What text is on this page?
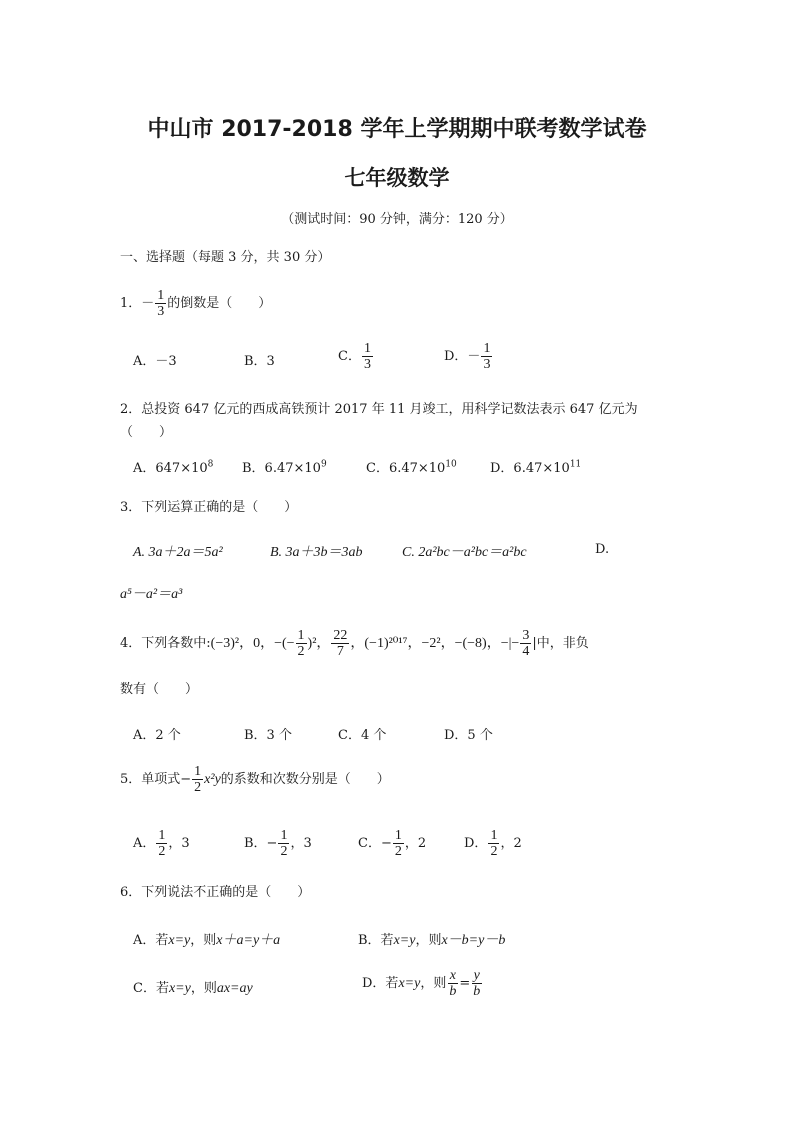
中山市 2017-2018 学年上学期期中联考数学试卷
七年级数学
（测试时间：90 分钟，满分：120 分）
一、选择题（每题 3 分，共 30 分）
1．－ $\frac{1}{3}$ 的倒数是（　　）
A．－3	B．3	C． $\frac{1}{3}$	D．－ $\frac{1}{3}$
2．总投资 647 亿元的西成高铁预计 2017 年 11 月竣工，用科学记数法表示 647 亿元为
（　　）
A．$647\times 10^8$ B．$6.47\times 10^9$	C．$6.47\times 10^{10}$	D．$6.47\times 10^{11}$
3．下列运算正确的是（　　）
A. 3a＋2a＝5a²	B. 3a＋3b＝3ab	C. 2a²bc－a²bc＝a²bc	D.
a⁵－a²＝a³
4．下列各数中:(−3)²，0，−(− $\frac{1}{2} )^2$， $\frac{22}{7}$ ，(−1)²⁰¹⁷，−2²，−(−8)，−|− $\frac{3}{4}$ |中，非负
数有（　　）
A．2 个	B．3 个	C．4 个	D．5 个
5．单项式− $\frac{1}{2} x^2y$的系数和次数分别是（　　）
A． $\frac{1}{2}$ ，3	B．− $\frac{1}{2}$ ，3	C．− $\frac{1}{2}$ ，2	D． $\frac{1}{2}$ ，2
6．下列说法不正确的是（　　）
A．若x=y，则x＋a=y＋a	B．若x=y，则x－b=y－b
C．若x=y，则ax=ay	D．若x=y，则 $\frac{x}{b} = \frac{y}{b}$
